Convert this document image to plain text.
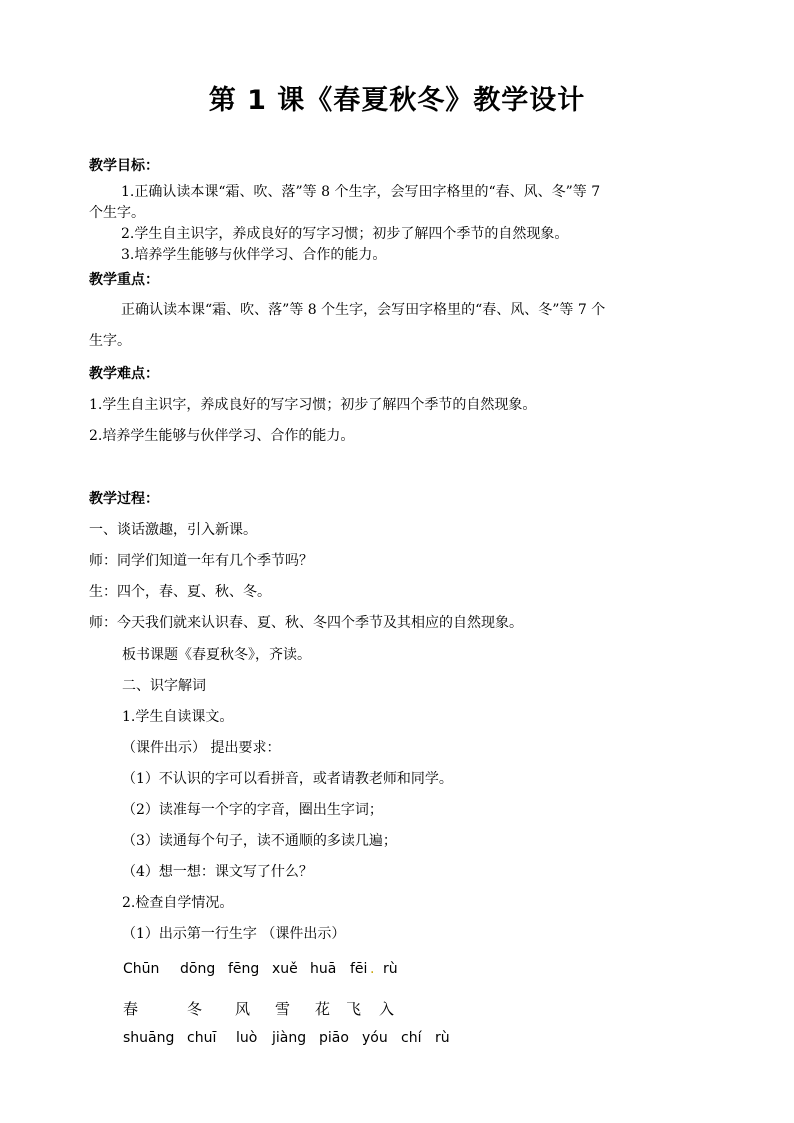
第 1 课《春夏秋冬》教学设计
教学目标：
1.正确认读本课“霜、吹、落”等 8 个生字，会写田字格里的“春、风、冬”等 7
个生字。
2.学生自主识字，养成良好的写字习惯；初步了解四个季节的自然现象。
3.培养学生能够与伙伴学习、合作的能力。
教学重点：
正确认读本课“霜、吹、落”等 8 个生字，会写田字格里的“春、风、冬”等 7 个
生字。
教学难点：
1.学生自主识字，养成良好的写字习惯；初步了解四个季节的自然现象。
2.培养学生能够与伙伴学习、合作的能力。
教学过程：
一、谈话激趣，引入新课。
师：同学们知道一年有几个季节吗？
生：四个，春、夏、秋、冬。
师：今天我们就来认识春、夏、秋、冬四个季节及其相应的自然现象。
板书课题《春夏秋冬》，齐读。
二、识字解词
1.学生自读课文。
（课件出示） 提出要求：
（1）不认识的字可以看拼音，或者请教老师和同学。
（2）读准每一个字的字音，圈出生字词；
（3）读通每个句子，读不通顺的多读几遍；
（4）想一想：课文写了什么？
2.检查自学情况。
（1）出示第一行生字 （课件出示）
Chūn dōng fēng xuě huā fēi . rù
春	冬 风 雪 花 飞 入
shuāng chuī luò jiàng piāo yóu chí rù
